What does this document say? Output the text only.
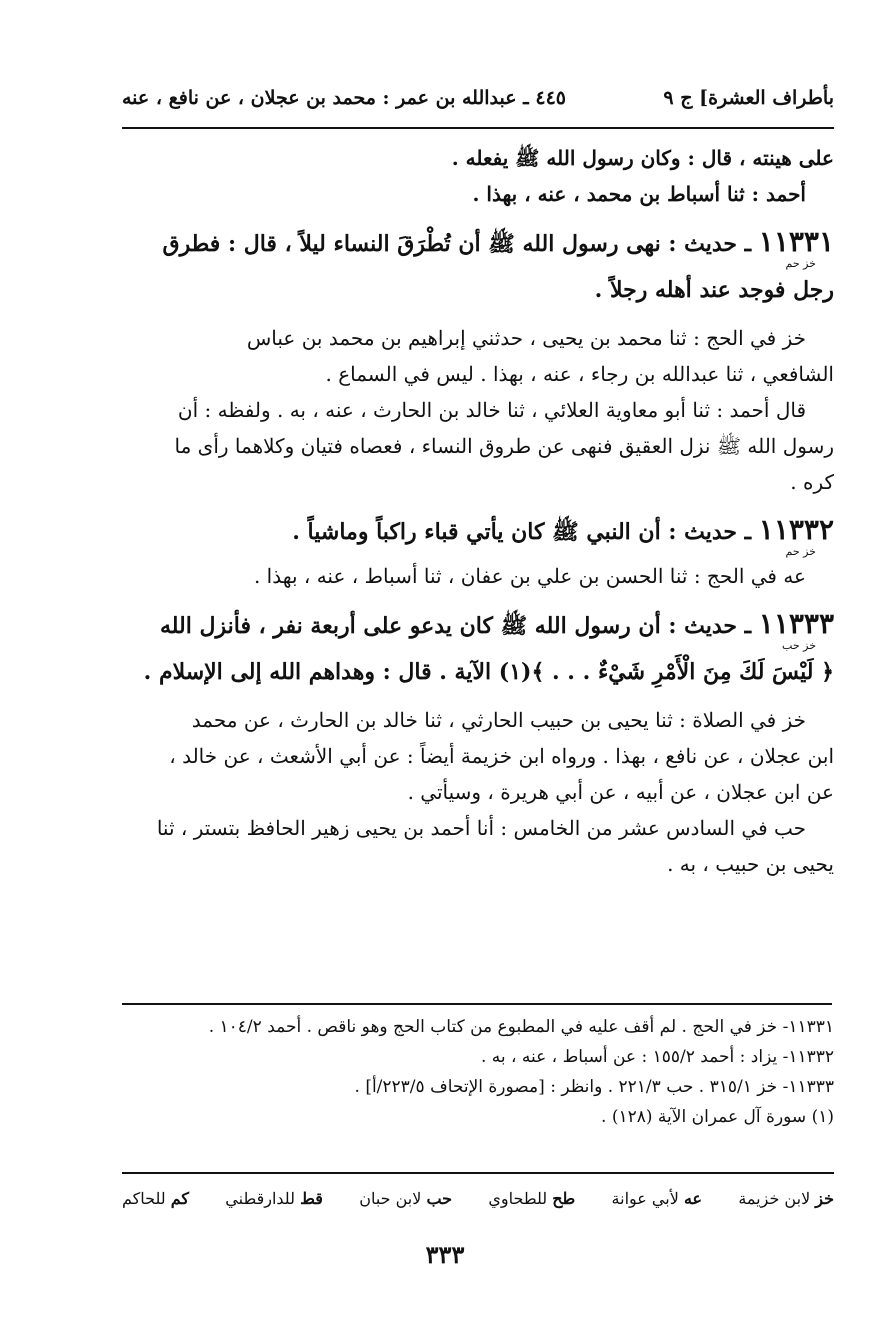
بأطراف العشرة] ج ٩
٤٤٥ ـ عبدالله بن عمر : محمد بن عجلان ، عن نافع ، عنه
على هينته ، قال : وكان رسول الله ﷺ يفعله .
أحمد : ثنا أسباط بن محمد ، عنه ، بهذا .
١١٣٣١ ـ حديث : نهى رسول الله ﷺ أن تُطْرَقَ النساء ليلاً ، قال : فطرق
خز حم
رجل فوجد عند أهله رجلاً .
خز في الحج : ثنا محمد بن يحيى ، حدثني إبراهيم بن محمد بن عباس
الشافعي ، ثنا عبدالله بن رجاء ، عنه ، بهذا . ليس في السماع .
قال أحمد : ثنا أبو معاوية العلائي ، ثنا خالد بن الحارث ، عنه ، به . ولفظه : أن
رسول الله ﷺ نزل العقيق فنهى عن طروق النساء ، فعصاه فتيان وكلاهما رأى ما
كره .
١١٣٣٢ ـ حديث : أن النبي ﷺ كان يأتي قباء راكباً وماشياً .
خز حم
عه في الحج : ثنا الحسن بن علي بن عفان ، ثنا أسباط ، عنه ، بهذا .
١١٣٣٣ ـ حديث : أن رسول الله ﷺ كان يدعو على أربعة نفر ، فأنزل الله
خز حب
﴿ لَيْسَ لَكَ مِنَ الْأَمْرِ شَيْءٌ . . . ﴾(١) الآية . قال : وهداهم الله إلى الإسلام .
خز في الصلاة : ثنا يحيى بن حبيب الحارثي ، ثنا خالد بن الحارث ، عن محمد
ابن عجلان ، عن نافع ، بهذا . ورواه ابن خزيمة أيضاً : عن أبي الأشعث ، عن خالد ،
عن ابن عجلان ، عن أبيه ، عن أبي هريرة ، وسيأتي .
حب في السادس عشر من الخامس : أنا أحمد بن يحيى زهير الحافظ بتستر ، ثنا
يحيى بن حبيب ، به .
١١٣٣١- خز في الحج . لم أقف عليه في المطبوع من كتاب الحج وهو ناقص . أحمد ١٠٤/٢ .
١١٣٣٢- يزاد : أحمد ١٥٥/٢ : عن أسباط ، عنه ، به .
١١٣٣٣- خز ٣١٥/١ . حب ٢٢١/٣ . وانظر : [مصورة الإتحاف ٢٢٣/٥/أ] .
(١) سورة آل عمران الآية (١٢٨) .
خز لابن خزيمة
عه لأبي عوانة
طح للطحاوي
حب لابن حبان
قط للدارقطني
كم للحاكم
٣٣٣
